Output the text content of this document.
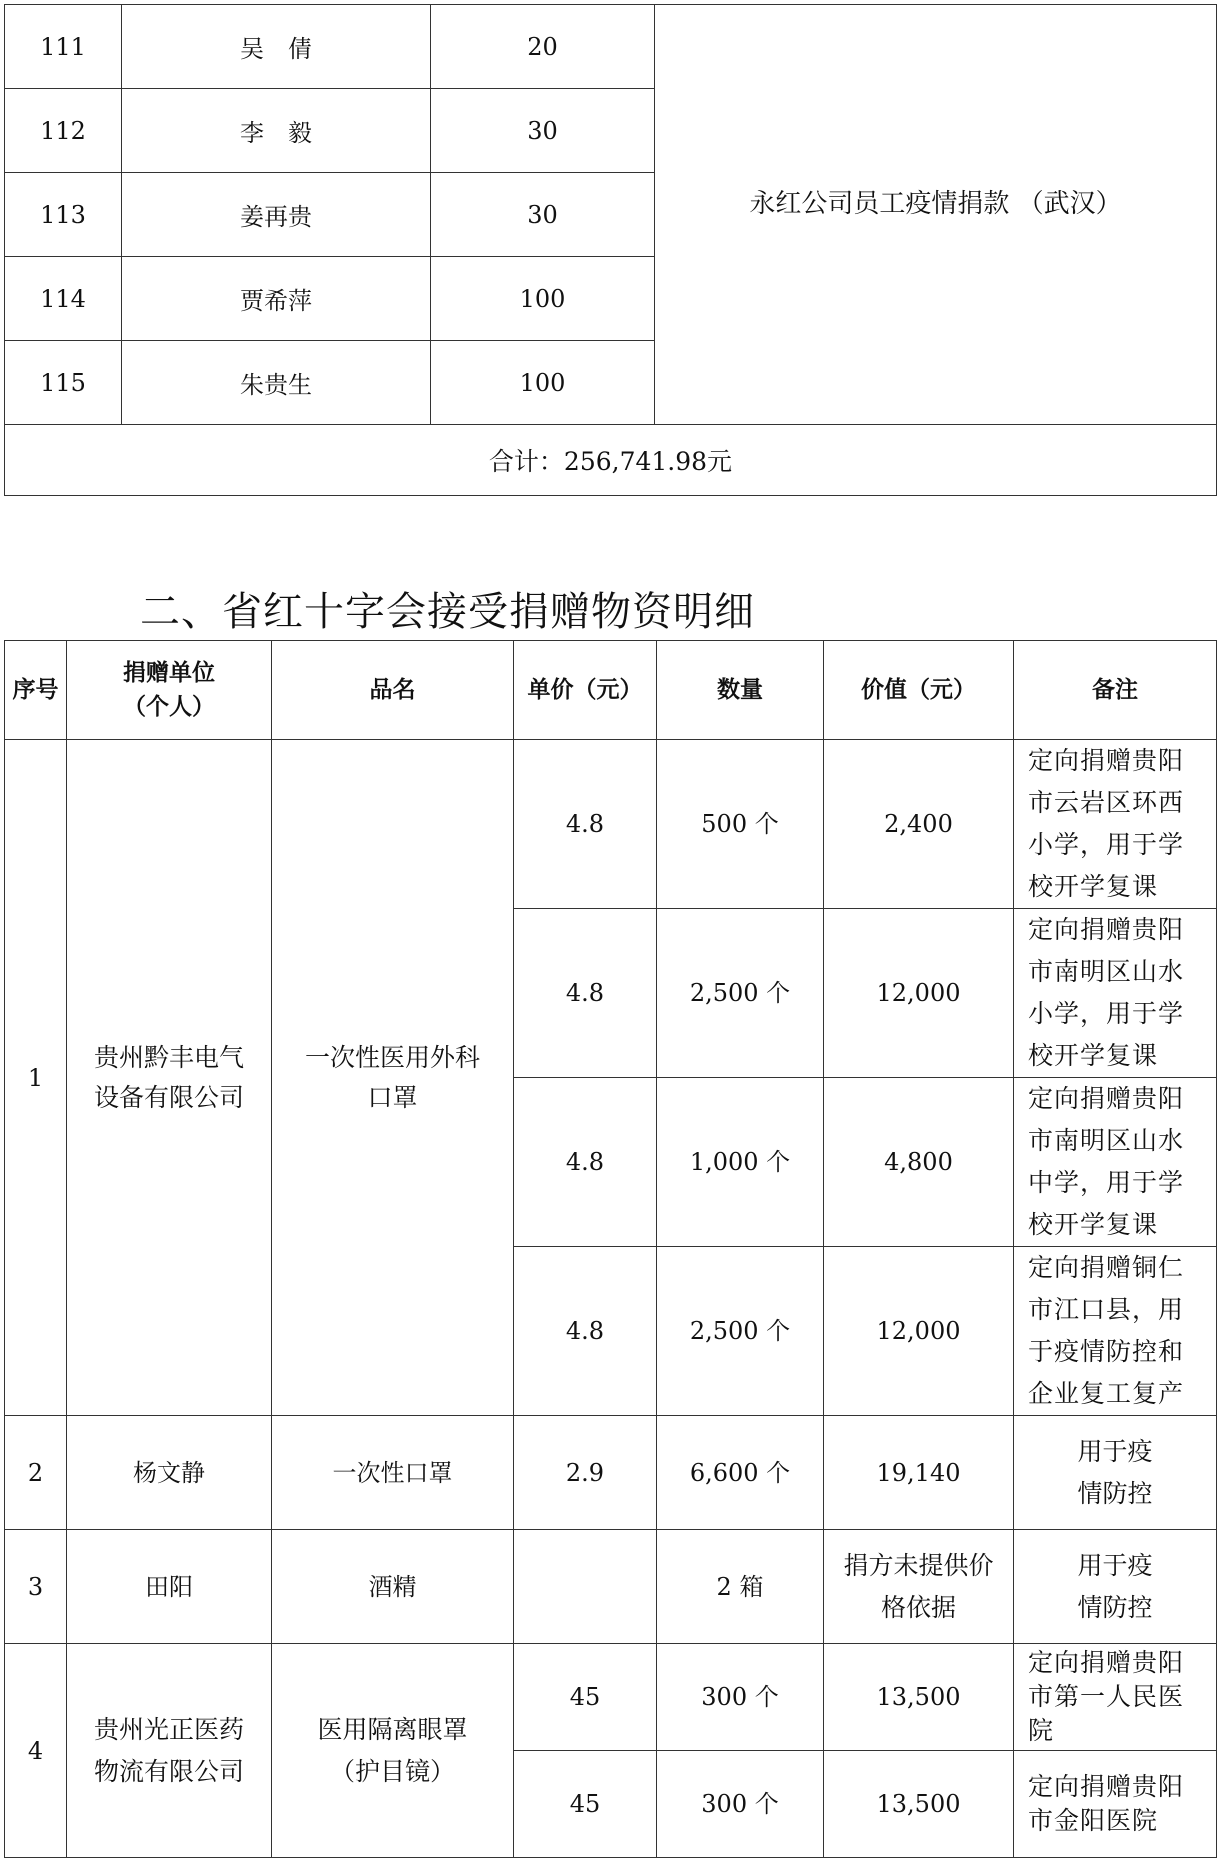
111	吴　倩	20	永红公司员工疫情捐款 （武汉）
112	李　毅	30	
113	姜再贵	30	
114	贾希萍	100	
115	朱贵生	100	
合计：256,741.98元			
二、省红十字会接受捐赠物资明细
序号	捐赠单位（个人）	品名	单价（元）	数量	价值（元）	备注
1	贵州黔丰电气设备有限公司	一次性医用外科口罩	4.8	500 个	2,400	定向捐赠贵阳市云岩区环西小学，用于学校开学复课
			4.8	2,500 个	12,000	定向捐赠贵阳市南明区山水小学，用于学校开学复课
			4.8	1,000 个	4,800	定向捐赠贵阳市南明区山水中学，用于学校开学复课
			4.8	2,500 个	12,000	定向捐赠铜仁市江口县，用于疫情防控和企业复工复产
2	杨文静	一次性口罩	2.9	6,600 个	19,140	用于疫情防控
3	田阳	酒精		2 箱	捐方未提供价格依据	用于疫情防控
4	贵州光正医药物流有限公司	医用隔离眼罩（护目镜）	45	300 个	13,500	定向捐赠贵阳市第一人民医院
			45	300 个	13,500	定向捐赠贵阳市金阳医院
